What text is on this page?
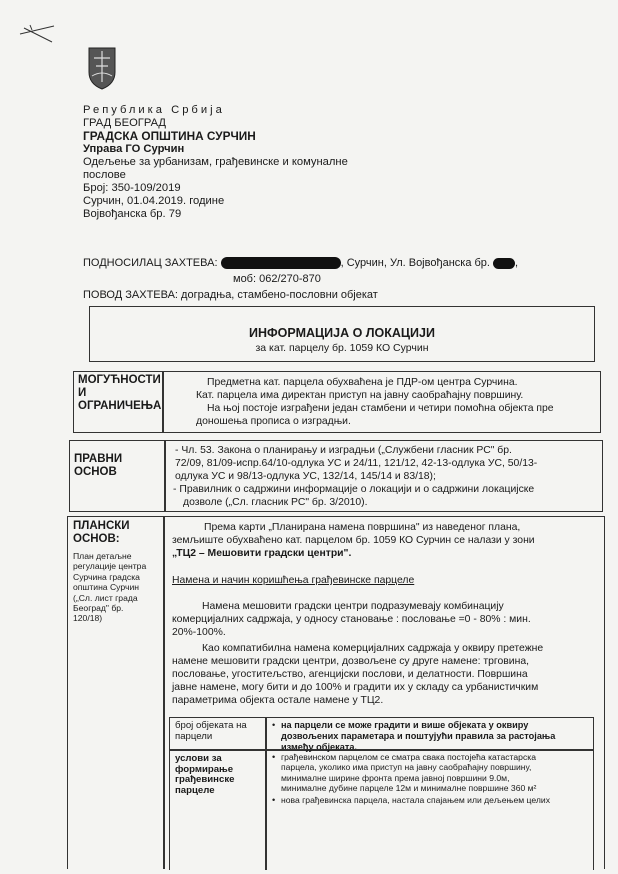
Република Србија
ГРАД БЕОГРАД
ГРАДСКА ОПШТИНА СУРЧИН
Управа ГО Сурчин
Одељење за урбанизам, грађевинске и комуналне
послове
Број: 350-109/2019
Сурчин, 01.04.2019. године
Војвођанска бр. 79
ПОДНОСИЛАЦ ЗАХТЕВА:	, Сурчин, Ул. Војвођанска бр. ,
моб: 062/270-870
ПОВОД ЗАХТЕВА: доградња, стамбено-пословни објекат
ИНФОРМАЦИЈА О ЛОКАЦИЈИ
за кат. парцелу бр. 1059 КО Сурчин
МОГУЋНОСТИ
И
ОГРАНИЧЕЊА
Предметна кат. парцела обухваћена је ПДР-ом центра Сурчина.
Кат. парцела има директан приступ на јавну саобраћајну површину.
На њој постоје изграђени један стамбени и четири помоћна објекта пре
доношења прописа о изградњи.
ПРАВНИ
ОСНОВ
- Чл. 53. Закона о планирању и изградњи („Службени гласник РС" бр.
72/09, 81/09-испр.64/10-одлука УС и 24/11, 121/12, 42-13-одлука УС, 50/13-
одлука УС и 98/13-одлука УС, 132/14, 145/14 и 83/18);
- Правилник о садржини информације о локацији и о садржини локацијске
дозволе („Сл. гласник РС" бр. 3/2010).
ПЛАНСКИ
ОСНОВ:
План детаљне
регулације центра
Сурчина градска
општина Сурчин
(„Сл. лист града
Београд" бр.
120/18)
Према карти „Планирана намена површина" из наведеног плана,
земљиште обухваћено кат. парцелом бр. 1059 КО Сурчин се налази у зони
„ТЦ2 – Мешовити градски центри".
Намена и начин коришћења грађевинске парцеле
Намена мешовити градски центри подразумевају комбинацију
комерцијалних садржаја, у односу становање : пословање =0 - 80% : мин.
20%-100%.
Као компатибилна намена комерцијалних садржаја у оквиру претежне
намене мешовити градски центри, дозвољене су друге намене: трговина,
пословање, угоститељство, агенцијски послови, и делатности. Површина
јавне намене, могу бити и до 100% и градити их у складу са урбанистичким
параметрима објекта остале намене у ТЦ2.
број објеката на
парцели
• на парцели се може градити и више објеката у оквиру
дозвољених параметара и поштујући правила за растојања
између објеката.
услови за
формирање
грађевинске
парцеле
• грађевинском парцелом се сматра свака постојећа катастарска
парцела, уколико има приступ на јавну саобраћајну површину,
минималне ширине фронта према јавној површини 9.0м,
минималне дубине парцеле 12м и минималне површине 360 м²
• нова грађевинска парцела, настала спајањем или дељењем целих
